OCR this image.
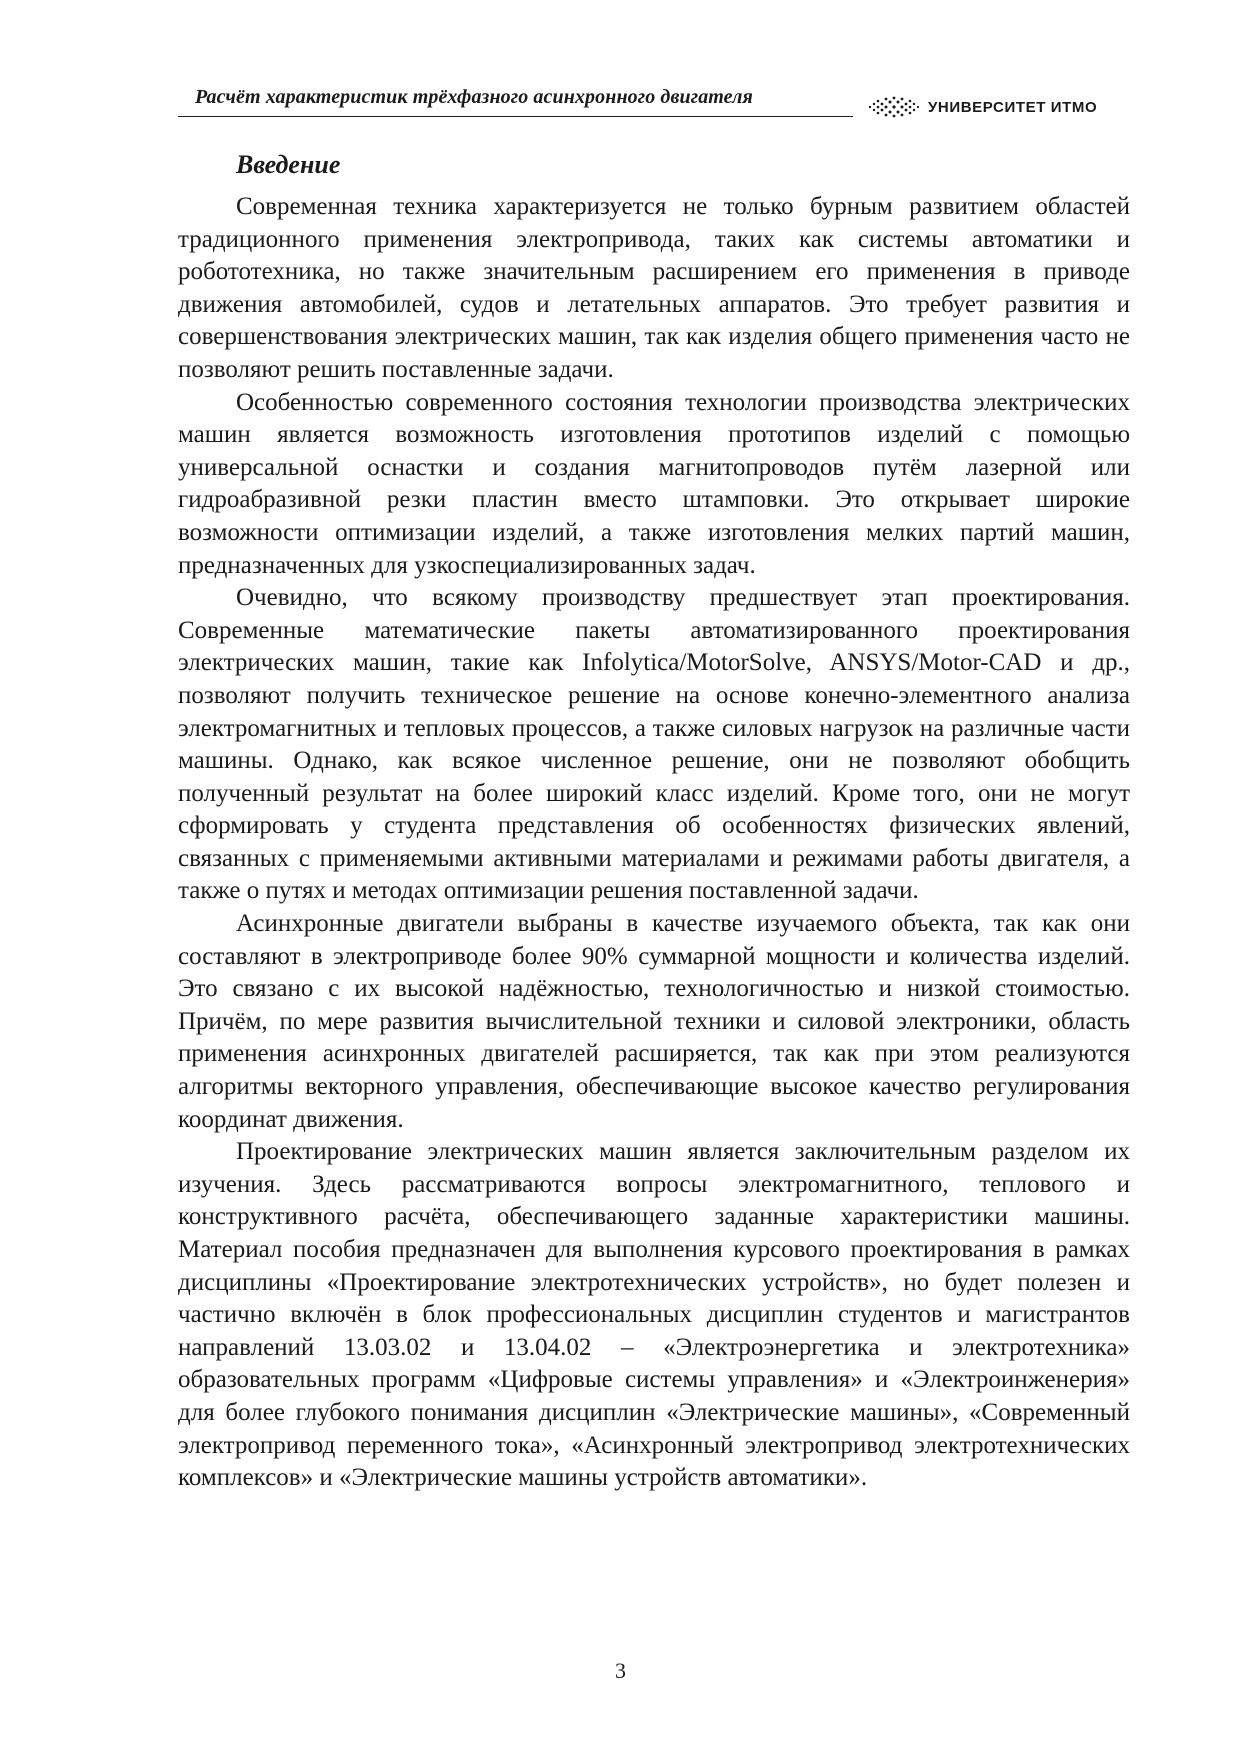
Расчёт характеристик трёхфазного асинхронного двигателя	УНИВЕРСИТЕТ ИТМО
Введение

Современная техника характеризуется не только бурным развитием областей традиционного применения электропривода, таких как системы автоматики и робототехника, но также значительным расширением его применения в приводе движения автомобилей, судов и летательных аппаратов. Это требует развития и совершенствования электрических машин, так как изделия общего применения часто не позволяют решить поставленные задачи.

Особенностью современного состояния технологии производства электрических машин является возможность изготовления прототипов изделий с помощью универсальной оснастки и создания магнитопроводов путём лазерной или гидроабразивной резки пластин вместо штамповки. Это открывает широкие возможности оптимизации изделий, а также изготовления мелких партий машин, предназначенных для узкоспециализированных задач.

Очевидно, что всякому производству предшествует этап проектирования. Современные математические пакеты автоматизированного проектирования электрических машин, такие как Infolytica/MotorSolve, ANSYS/Motor-CAD и др., позволяют получить техническое решение на основе конечно-элементного анализа электромагнитных и тепловых процессов, а также силовых нагрузок на различные части машины. Однако, как всякое численное решение, они не позволяют обобщить полученный результат на более широкий класс изделий. Кроме того, они не могут сформировать у студента представления об особенностях физических явлений, связанных с применяемыми активными материалами и режимами работы двигателя, а также о путях и методах оптимизации решения поставленной задачи.

Асинхронные двигатели выбраны в качестве изучаемого объекта, так как они составляют в электроприводе более 90% суммарной мощности и количества изделий. Это связано с их высокой надёжностью, технологичностью и низкой стоимостью. Причём, по мере развития вычислительной техники и силовой электроники, область применения асинхронных двигателей расширяется, так как при этом реализуются алгоритмы векторного управления, обеспечивающие высокое качество регулирования координат движения.

Проектирование электрических машин является заключительным разделом их изучения. Здесь рассматриваются вопросы электромагнитного, теплового и конструктивного расчёта, обеспечивающего заданные характеристики машины. Материал пособия предназначен для выполнения курсового проектирования в рамках дисциплины «Проектирование электротехнических устройств», но будет полезен и частично включён в блок профессиональных дисциплин студентов и магистрантов направлений 13.03.02 и 13.04.02 – «Электроэнергетика и электротехника» образовательных программ «Цифровые системы управления» и «Электроинженерия» для более глубокого понимания дисциплин «Электрические машины», «Современный электропривод переменного тока», «Асинхронный электропривод электротехнических комплексов» и «Электрические машины устройств автоматики».

3
